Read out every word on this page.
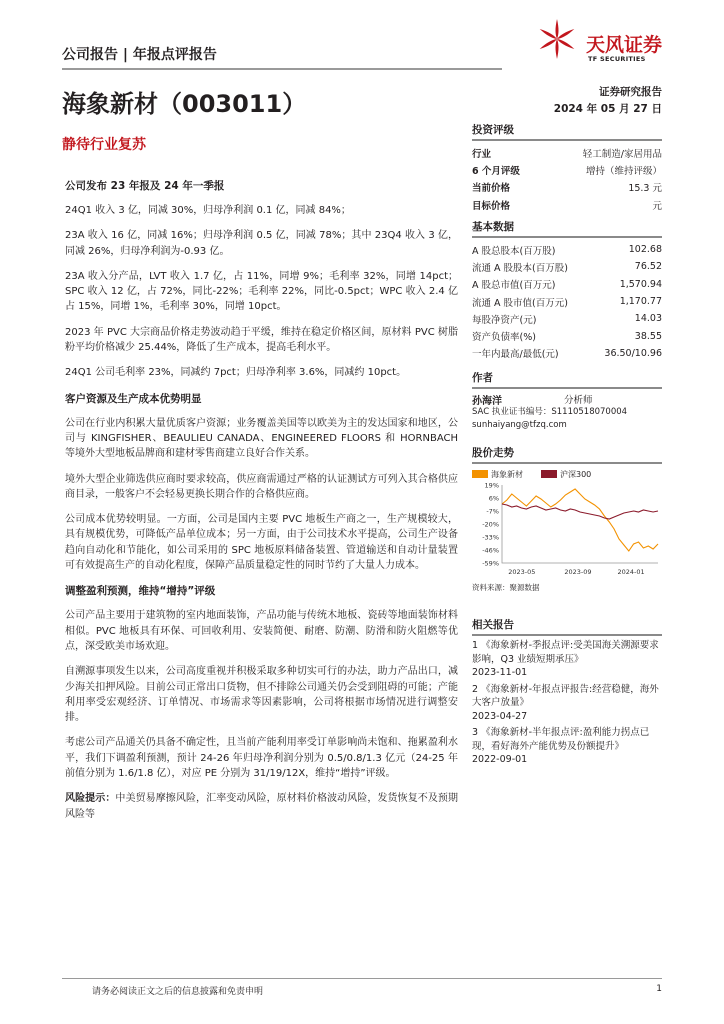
公司报告 | 年报点评报告	天风证券
TF SECURITIES
证券研究报告
2024 年 05 月 27 日
海象新材（003011）
静待行业复苏
公司发布 23 年报及 24 年一季报

24Q1 收入 3 亿，同减 30%，归母净利润 0.1 亿，同减 84%；

23A 收入 16 亿，同减 16%；归母净利润 0.5 亿，同减 78%；其中 23Q4 收入 3 亿，同减 26%，归母净利润为-0.93 亿。

23A 收入分产品，LVT 收入 1.7 亿，占 11%，同增 9%；毛利率 32%，同增 14pct；SPC 收入 12 亿，占 72%，同比-22%；毛利率 22%，同比-0.5pct；WPC 收入 2.4 亿占 15%，同增 1%，毛利率 30%，同增 10pct。

2023 年 PVC 大宗商品价格走势波动趋于平缓，维持在稳定价格区间，原材料 PVC 树脂粉平均价格减少 25.44%，降低了生产成本，提高毛利水平。

24Q1 公司毛利率 23%，同减约 7pct；归母净利率 3.6%，同减约 10pct。

客户资源及生产成本优势明显

公司在行业内积累大量优质客户资源；业务覆盖美国等以欧美为主的发达国家和地区，公司与 KINGFISHER、BEAULIEU CANADA、ENGINEERED FLOORS 和 HORNBACH 等境外大型地板品牌商和建材零售商建立良好合作关系。

境外大型企业筛选供应商时要求较高，供应商需通过严格的认证测试方可列入其合格供应商目录，一般客户不会轻易更换长期合作的合格供应商。

公司成本优势较明显。一方面，公司是国内主要 PVC 地板生产商之一，生产规模较大，具有规模优势，可降低产品单位成本；另一方面，由于公司技术水平提高，公司生产设备趋向自动化和节能化，如公司采用的 SPC 地板原料储备装置、管道输送和自动计量装置可有效提高生产的自动化程度，保障产品质量稳定性的同时节约了大量人力成本。

调整盈利预测，维持“增持”评级

公司产品主要用于建筑物的室内地面装饰，产品功能与传统木地板、瓷砖等地面装饰材料相似。PVC 地板具有环保、可回收利用、安装简便、耐磨、防潮、防滑和防火阻燃等优点，深受欧美市场欢迎。

自溯源事项发生以来，公司高度重视并积极采取多种切实可行的办法，助力产品出口，减少海关扣押风险。目前公司正常出口货物，但不排除公司通关仍会受到阻碍的可能；产能利用率受宏观经济、订单情况、市场需求等因素影响，公司将根据市场情况进行调整安排。

考虑公司产品通关仍具备不确定性，且当前产能利用率受订单影响尚未饱和、拖累盈利水平，我们下调盈利预测，预计 24-26 年归母净利润分别为 0.5/0.8/1.3 亿元（24-25 年前值分别为 1.6/1.8 亿），对应 PE 分别为 31/19/12X，维持“增持”评级。

风险提示：中美贸易摩擦风险，汇率变动风险，原材料价格波动风险，发货恢复不及预期风险等

投资评级
行业	轻工制造/家居用品
6 个月评级	增持（维持评级）
当前价格	15.3 元
目标价格	元
基本数据
A 股总股本(百万股)	102.68
流通 A 股股本(百万股)	76.52
A 股总市值(百万元)	1,570.94
流通 A 股市值(百万元)	1,170.77
每股净资产(元)	14.03
资产负债率(%)	38.55
一年内最高/最低(元)	36.50/10.96
作者
孙海洋	分析师
SAC 执业证书编号：S1110518070004
sunhaiyang@tfzq.com
股价走势
海象新材	沪深300
19%
6%
-7%
-20%
-33%
-46%
-59%
2023-05	2023-09	2024-01
资料来源：聚源数据
相关报告
1 《海象新材-季报点评:受美国海关溯源要求影响，Q3 业绩短期承压》
2023-11-01
2 《海象新材-年报点评报告:经营稳健，海外大客户放量》
2023-04-27
3 《海象新材-半年报点评:盈利能力拐点已现，看好海外产能优势及份额提升》
2022-09-01
请务必阅读正文之后的信息披露和免责申明	1
